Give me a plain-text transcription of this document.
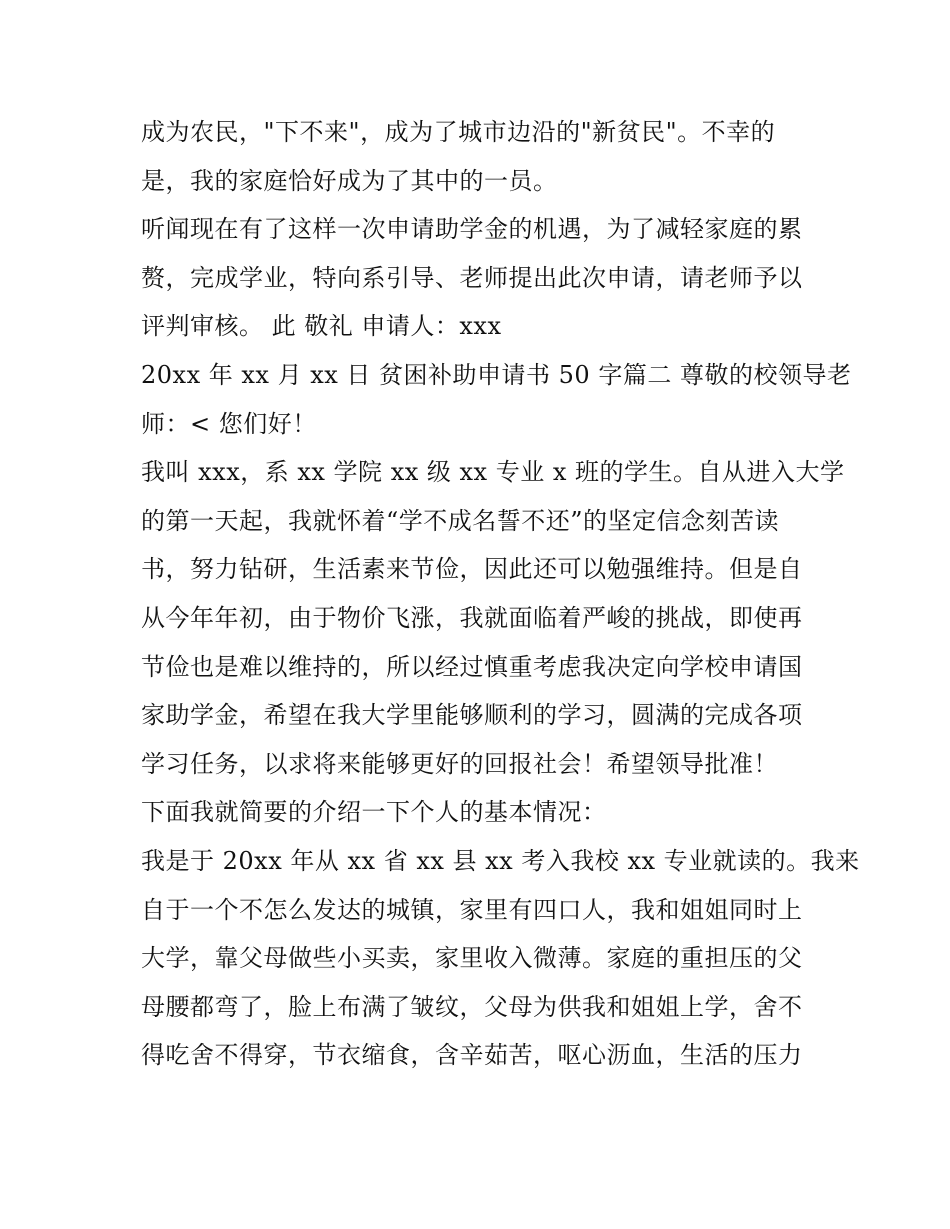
成为农民，"下不来"，成为了城市边沿的"新贫民"。不幸的
是，我的家庭恰好成为了其中的一员。
听闻现在有了这样一次申请助学金的机遇，为了减轻家庭的累
赘，完成学业，特向系引导、老师提出此次申请，请老师予以
评判审核。 此 敬礼 申请人：xxx
20xx 年 xx 月 xx 日 贫困补助申请书 50 字篇二 尊敬的校领导老
师：< 您们好！
我叫 xxx，系 xx 学院 xx 级 xx 专业 x 班的学生。自从进入大学
的第一天起，我就怀着“学不成名誓不还”的坚定信念刻苦读
书，努力钻研，生活素来节俭，因此还可以勉强维持。但是自
从今年年初，由于物价飞涨，我就面临着严峻的挑战，即使再
节俭也是难以维持的，所以经过慎重考虑我决定向学校申请国
家助学金，希望在我大学里能够顺利的学习，圆满的完成各项
学习任务，以求将来能够更好的回报社会！希望领导批准！
下面我就简要的介绍一下个人的基本情况：
我是于 20xx 年从 xx 省 xx 县 xx 考入我校 xx 专业就读的。我来
自于一个不怎么发达的城镇，家里有四口人，我和姐姐同时上
大学，靠父母做些小买卖，家里收入微薄。家庭的重担压的父
母腰都弯了，脸上布满了皱纹，父母为供我和姐姐上学，舍不
得吃舍不得穿，节衣缩食，含辛茹苦，呕心沥血，生活的压力
